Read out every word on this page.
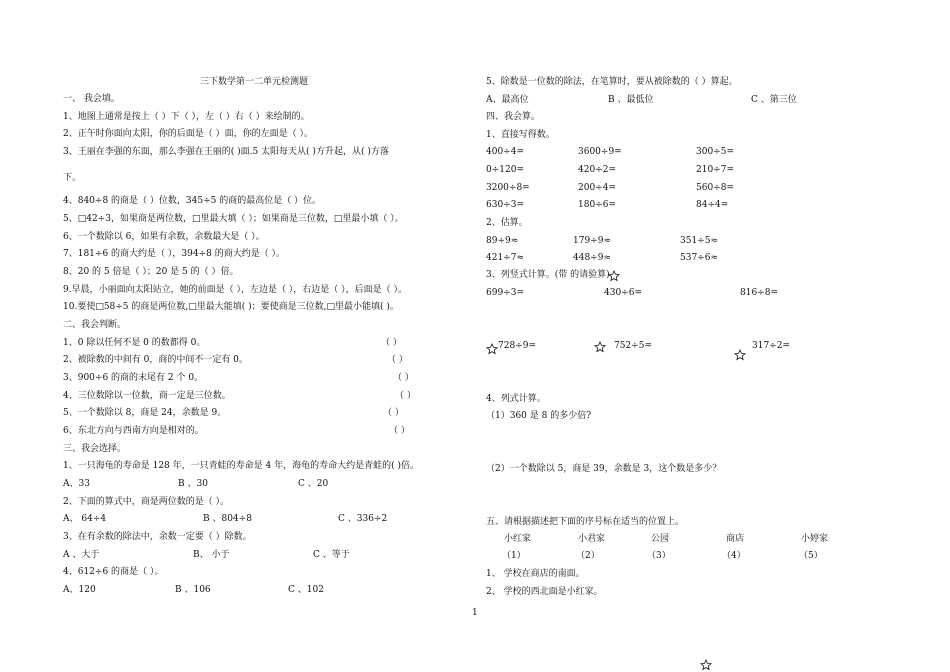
三下数学第一二单元检测题
一、 我会填。
1、地图上通常是按上（ ）下（ ），左（ ）右（ ）来绘制的。
2、正午时你面向太阳，你的后面是（ ）面，你的左面是（ ）。
3、王丽在李强的东面，那么李强在王丽的( )面.5 太阳每天从( )方升起，从( )方落
下。
4、840÷8 的商是（ ）位数，345÷5 的商的最高位是（ ）位。
5、□42÷3，如果商是两位数，□里最大填（ ）；如果商是三位数，□里最小填（ ）。
6、一个数除以 6，如果有余数，余数最大是（ ）。
7、181÷6 的商大约是（ ），394÷8 的商大约是（ ）。
8、20 的 5 倍是（ ）；20 是 5 的（ ）倍。
9.早晨，小丽面向太阳站立，她的前面是（ ），左边是（ ），右边是（ ），后面是（ ）。
10.要使□58÷5 的商是两位数,□里最大能填( )；要使商是三位数,□里最小能填( )。
二、我会判断。
1、0 除以任何不是 0 的数都得 0。	（ ）
2、被除数的中间有 0，商的中间不一定有 0。	（ ）
3、900÷6 的商的末尾有 2 个 0。	（ ）
4、三位数除以一位数，商一定是三位数。	（ ）
5、一个数除以 8，商是 24，余数是 9。	（ ）
6、东北方向与西南方向是相对的。	（ ）
三、我会选择。
1、一只海龟的寿命是 128 年，一只青蛙的寿命是 4 年，海龟的寿命大约是青蛙的( )倍。
A、33	B 、30	C 、20
2、下面的算式中，商是两位数的是（ ）。
A、 64÷4	B 、804÷8	C 、336÷2
3、在有余数的除法中，余数一定要（ ）除数。
A 、大于	B、 小于	C 、等于
4、612÷6 的商是（ ）。
A、120	B 、106	C 、102
5、除数是一位数的除法，在笔算时，要从被除数的（ ）算起。
A、最高位	B 、最低位	C 、第三位
四、我会算。
1、直接写得数。
400÷4=	3600÷9=	300÷5=
0÷120=	420÷2=	210÷7=
3200÷8=	200÷4=	560÷8=
630÷3=	180÷6=	84÷4=
2、估算。
89÷9≈	179÷9≈	351÷5≈
421÷7≈	448÷9≈	537÷6≈
3、列竖式计算。(带 的请验算)
699÷3=	430÷6=	816÷8=
728÷9=	752÷5=	317÷2=
4、列式计算。
（1）360 是 8 的多少倍?
（2）一个数除以 5，商是 39，余数是 3，这个数是多少？
五、请根据描述把下面的序号标在适当的位置上。
小红家	小君家	公园	商店	小婷家
（1）	（2）	（3）	（4）	（5）
1、 学校在商店的南面。
2、 学校的西北面是小红家。
1
